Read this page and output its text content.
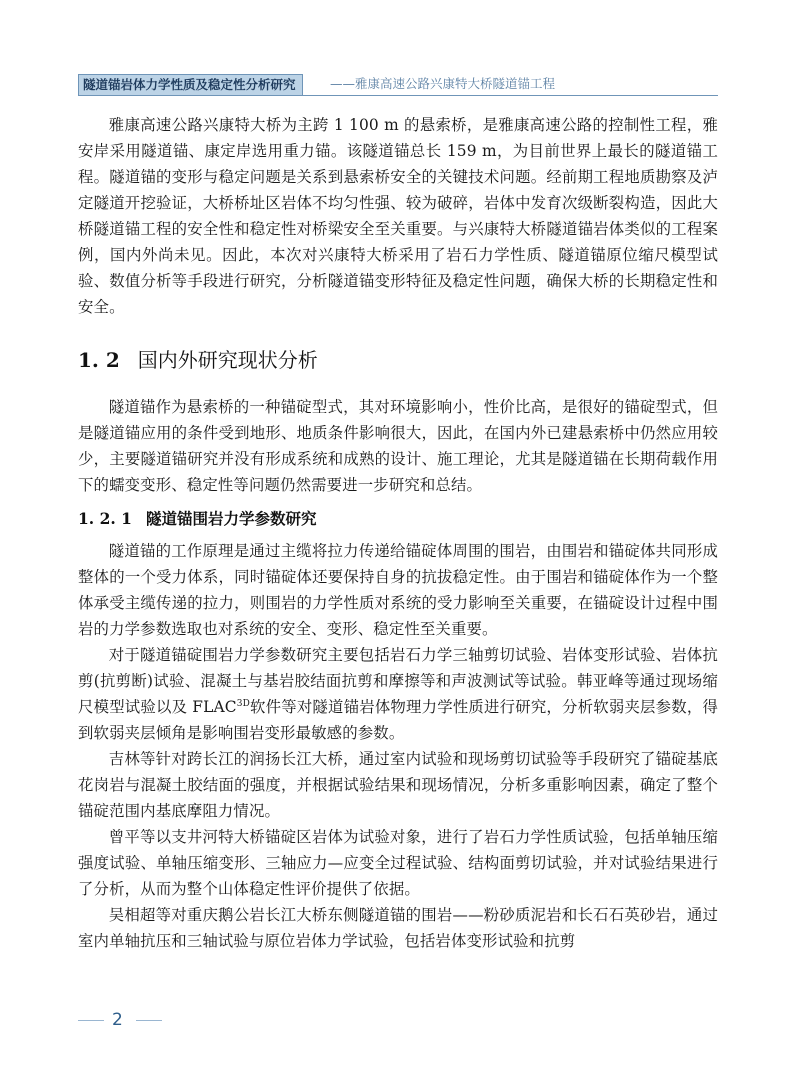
隧道锚岩体力学性质及稳定性分析研究	——雅康高速公路兴康特大桥隧道锚工程

雅康高速公路兴康特大桥为主跨 1 100 m 的悬索桥，是雅康高速公路的控制性工程，雅安岸采用隧道锚、康定岸选用重力锚。该隧道锚总长 159 m，为目前世界上最长的隧道锚工程。隧道锚的变形与稳定问题是关系到悬索桥安全的关键技术问题。经前期工程地质勘察及泸定隧道开挖验证，大桥桥址区岩体不均匀性强、较为破碎，岩体中发育次级断裂构造，因此大桥隧道锚工程的安全性和稳定性对桥梁安全至关重要。与兴康特大桥隧道锚岩体类似的工程案例，国内外尚未见。因此，本次对兴康特大桥采用了岩石力学性质、隧道锚原位缩尺模型试验、数值分析等手段进行研究，分析隧道锚变形特征及稳定性问题，确保大桥的长期稳定性和安全。

1. 2 国内外研究现状分析

隧道锚作为悬索桥的一种锚碇型式，其对环境影响小，性价比高，是很好的锚碇型式，但是隧道锚应用的条件受到地形、地质条件影响很大，因此，在国内外已建悬索桥中仍然应用较少，主要隧道锚研究并没有形成系统和成熟的设计、施工理论，尤其是隧道锚在长期荷载作用下的蠕变变形、稳定性等问题仍然需要进一步研究和总结。

1. 2. 1 隧道锚围岩力学参数研究

隧道锚的工作原理是通过主缆将拉力传递给锚碇体周围的围岩，由围岩和锚碇体共同形成整体的一个受力体系，同时锚碇体还要保持自身的抗拔稳定性。由于围岩和锚碇体作为一个整体承受主缆传递的拉力，则围岩的力学性质对系统的受力影响至关重要，在锚碇设计过程中围岩的力学参数选取也对系统的安全、变形、稳定性至关重要。

对于隧道锚碇围岩力学参数研究主要包括岩石力学三轴剪切试验、岩体变形试验、岩体抗剪(抗剪断)试验、混凝土与基岩胶结面抗剪和摩擦等和声波测试等试验。韩亚峰等通过现场缩尺模型试验以及 $FLAC^{3D}$软件等对隧道锚岩体物理力学性质进行研究，分析软弱夹层参数，得到软弱夹层倾角是影响围岩变形最敏感的参数。

吉林等针对跨长江的润扬长江大桥，通过室内试验和现场剪切试验等手段研究了锚碇基底花岗岩与混凝土胶结面的强度，并根据试验结果和现场情况，分析多重影响因素，确定了整个锚碇范围内基底摩阻力情况。

曾平等以支井河特大桥锚碇区岩体为试验对象，进行了岩石力学性质试验，包括单轴压缩强度试验、单轴压缩变形、三轴应力—应变全过程试验、结构面剪切试验，并对试验结果进行了分析，从而为整个山体稳定性评价提供了依据。

吴相超等对重庆鹅公岩长江大桥东侧隧道锚的围岩——粉砂质泥岩和长石石英砂岩，通过室内单轴抗压和三轴试验与原位岩体力学试验，包括岩体变形试验和抗剪

2
